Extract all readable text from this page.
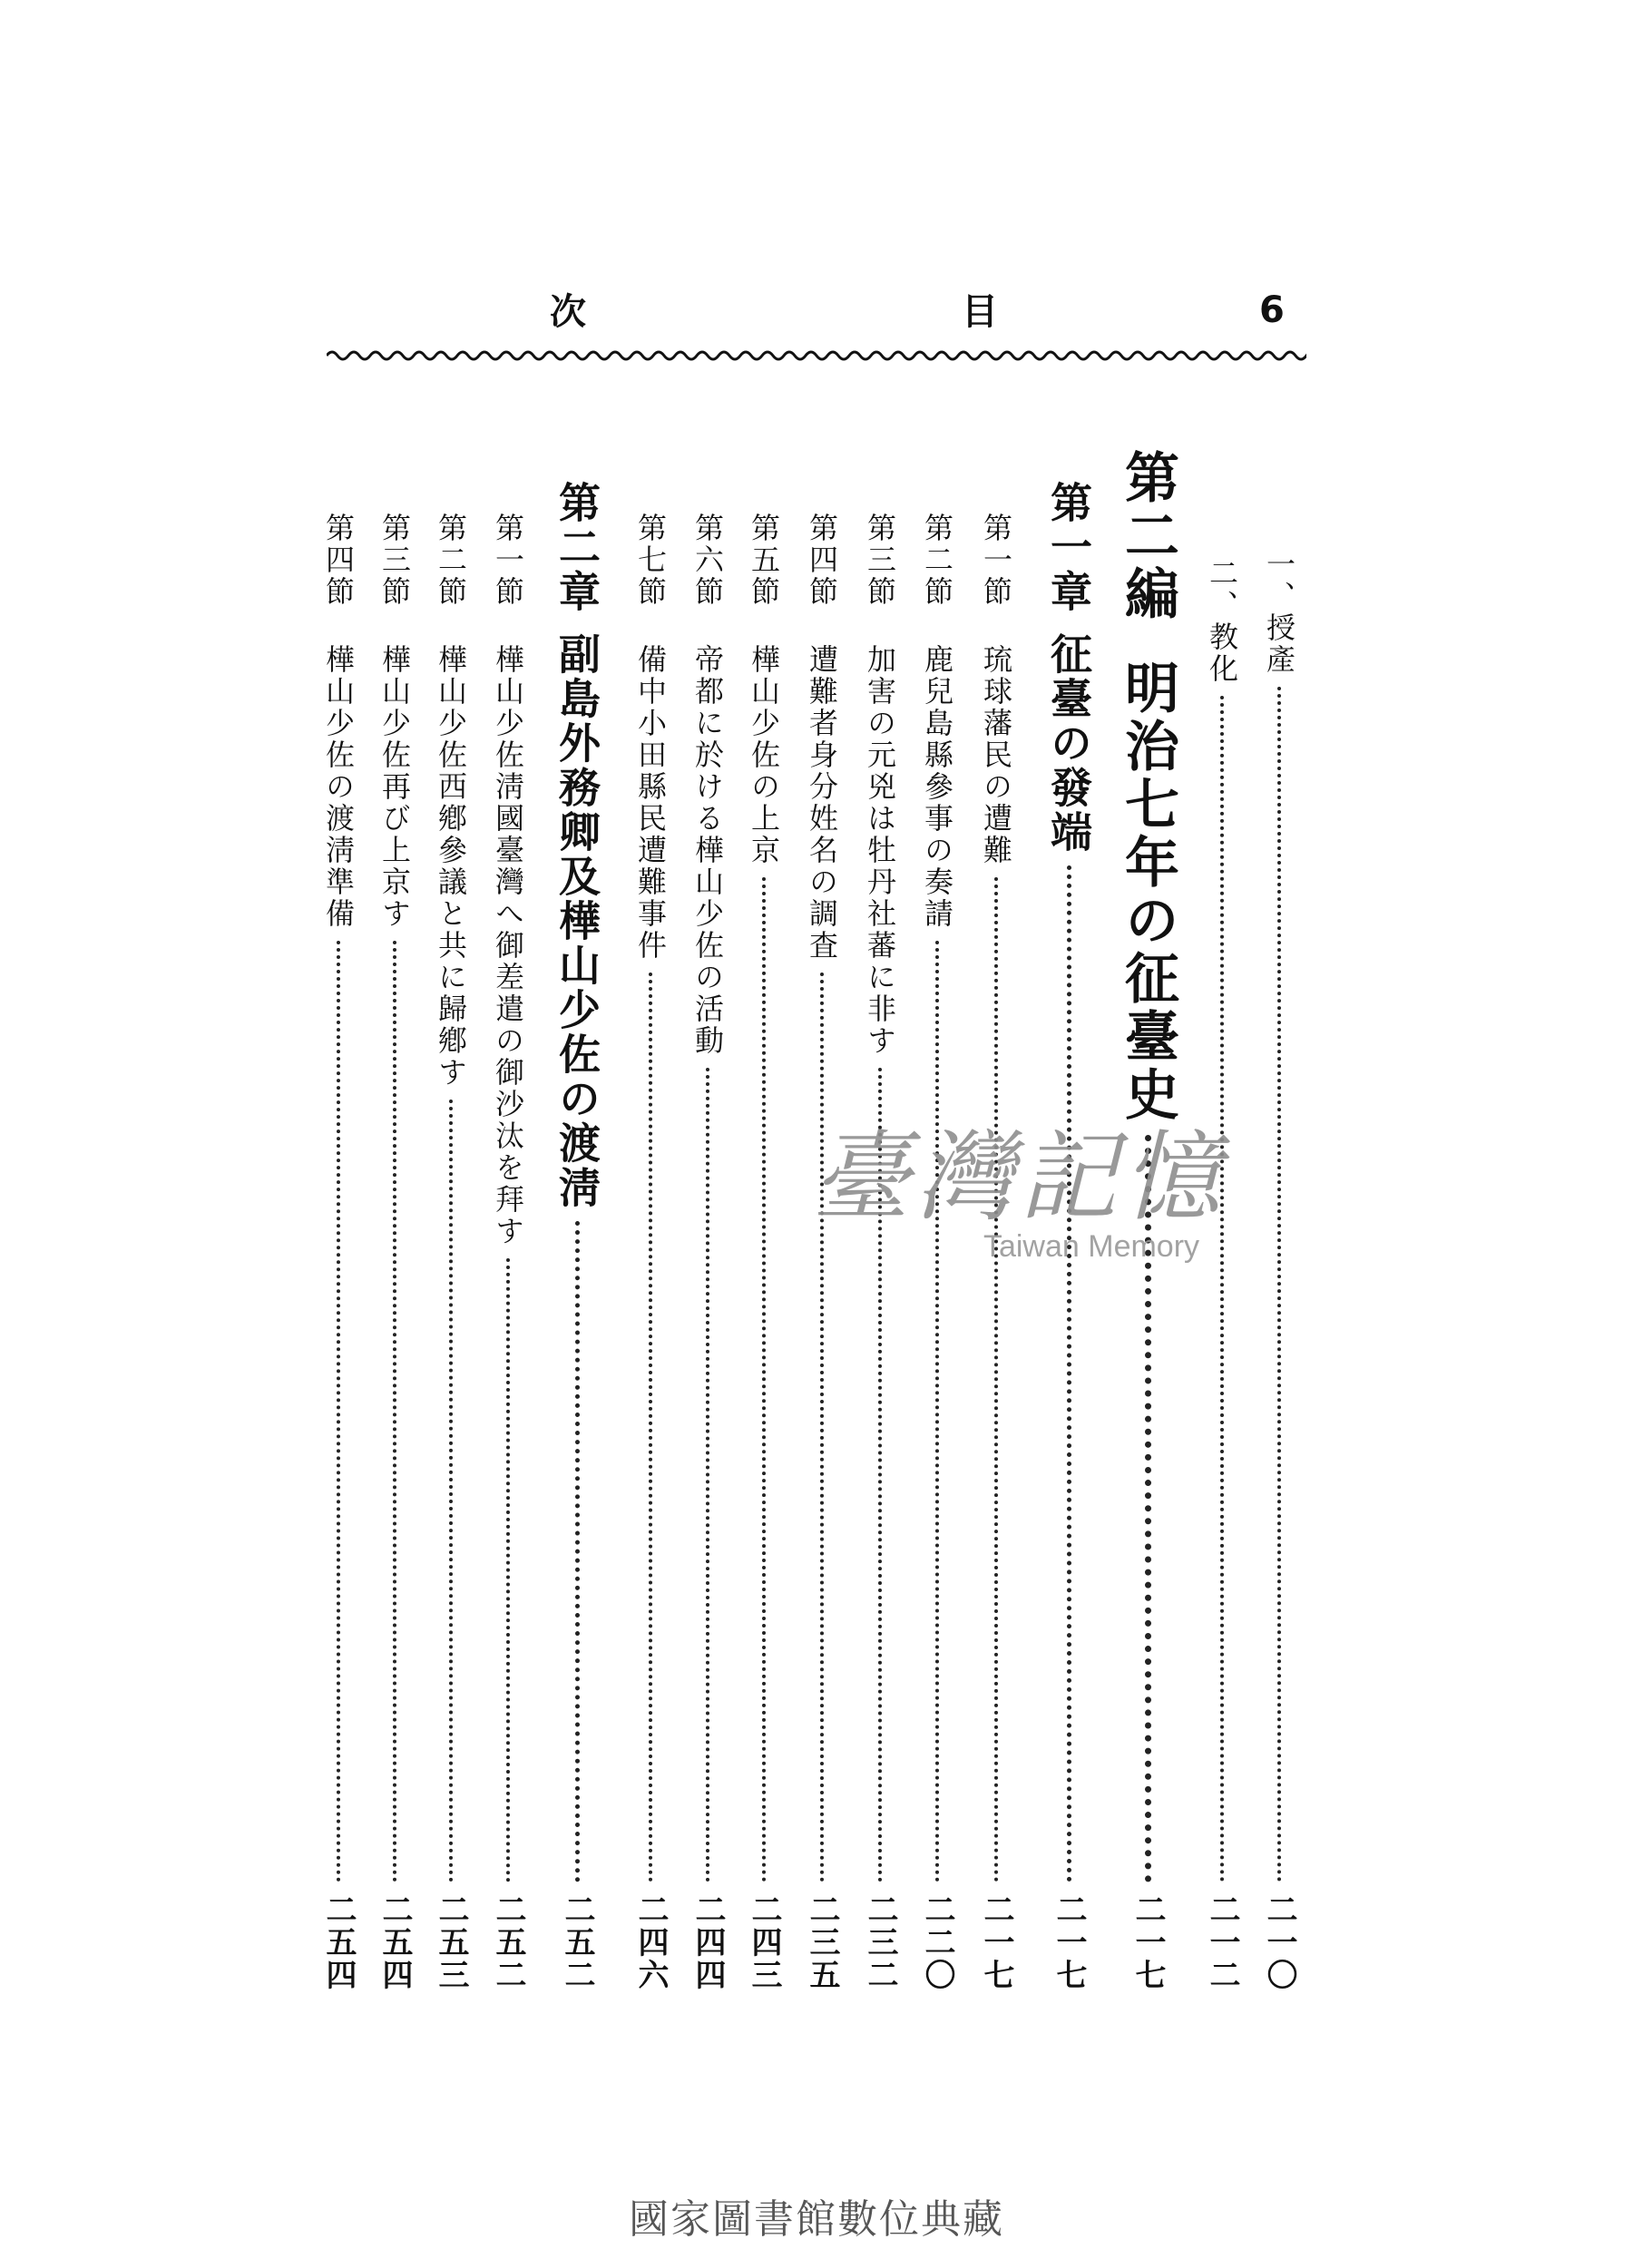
次	目	6
一、
授產
二一〇
二、
教化
二一二
第二編
明治七年の征臺史
二一七
第一章
征臺の發端
二一七
第一節
琉球藩民の遭難
二一七
第二節
鹿兒島縣參事の奏請
二二〇
第三節
加害の元兇は牡丹社蕃に非す
二三二
第四節
遭難者身分姓名の調査
二三五
第五節
樺山少佐の上京
二四三
第六節
帝都に於ける樺山少佐の活動
二四四
第七節
備中小田縣民遭難事件
二四六
第二章
副島外務卿及樺山少佐の渡淸
二五二
第一節
樺山少佐淸國臺灣へ御差遣の御沙汰を拜す
二五二
第二節
樺山少佐西鄕參議と共に歸鄕す
二五三
第三節
樺山少佐再び上京す
二五四
第四節
樺山少佐の渡淸準備
二五四
臺灣記憶
Taiwan Memory
國家圖書館數位典藏
